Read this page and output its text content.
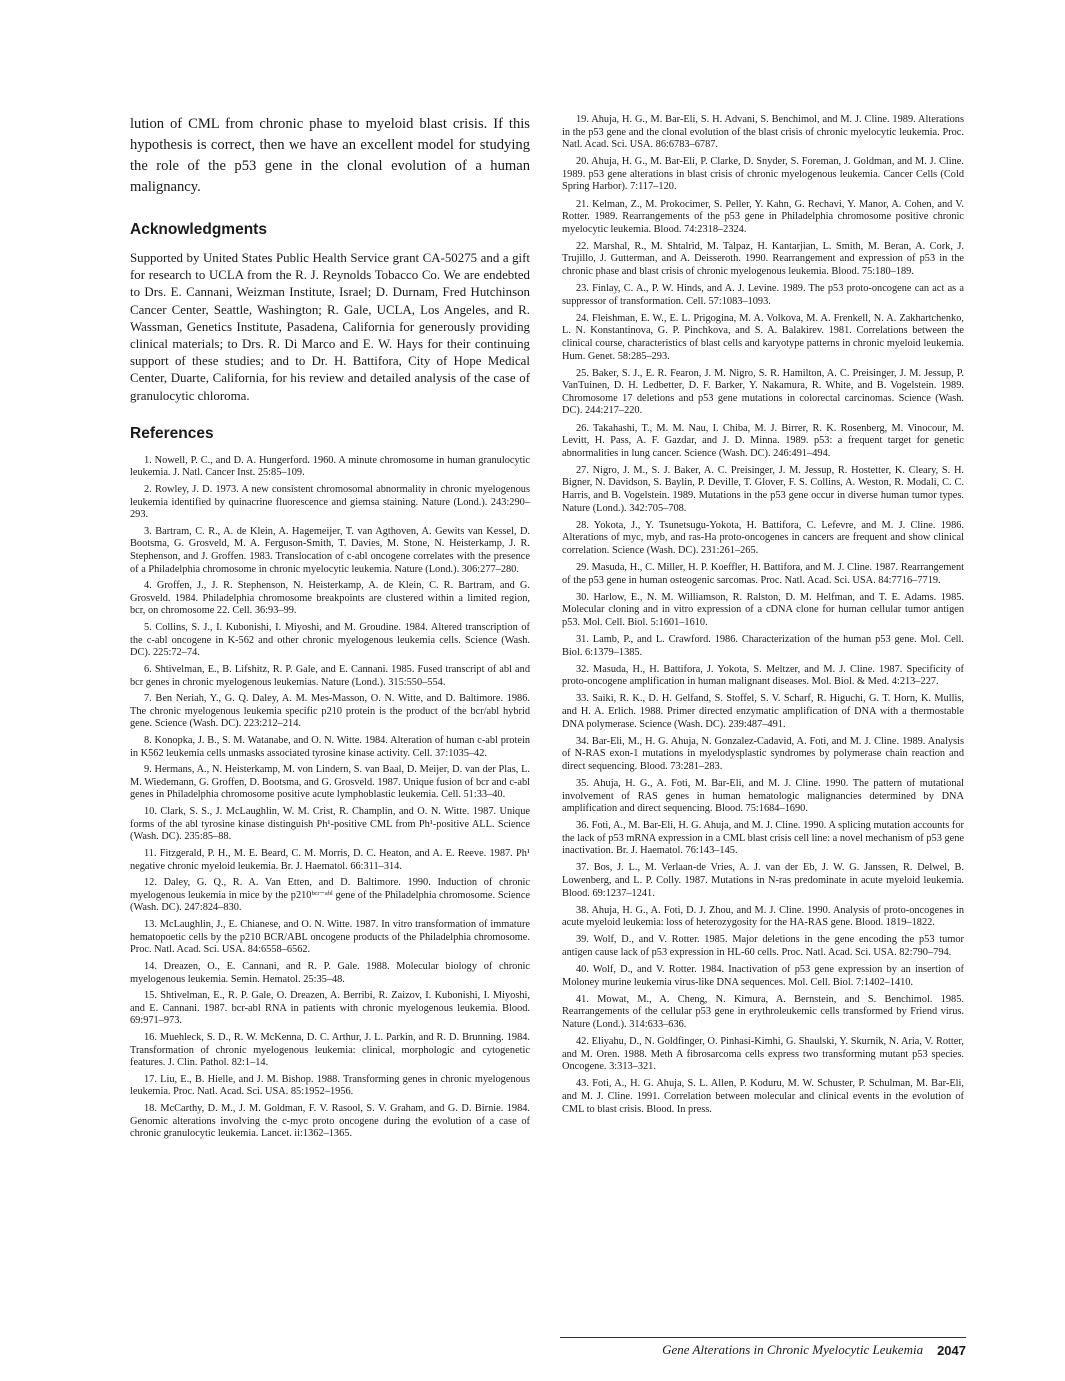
lution of CML from chronic phase to myeloid blast crisis. If this hypothesis is correct, then we have an excellent model for studying the role of the p53 gene in the clonal evolution of a human malignancy.

Acknowledgments

Supported by United States Public Health Service grant CA-50275 and a gift for research to UCLA from the R. J. Reynolds Tobacco Co. We are endebted to Drs. E. Cannani, Weizman Institute, Israel; D. Durnam, Fred Hutchinson Cancer Center, Seattle, Washington; R. Gale, UCLA, Los Angeles, and R. Wassman, Genetics Institute, Pasadena, California for generously providing clinical materials; to Drs. R. Di Marco and E. W. Hays for their continuing support of these studies; and to Dr. H. Battifora, City of Hope Medical Center, Duarte, California, for his review and detailed analysis of the case of granulocytic chloroma.

References

1. Nowell, P. C., and D. A. Hungerford. 1960. A minute chromosome in human granulocytic leukemia. J. Natl. Cancer Inst. 25:85–109.

2. Rowley, J. D. 1973. A new consistent chromosomal abnormality in chronic myelogenous leukemia identified by quinacrine fluorescence and giemsa staining. Nature (Lond.). 243:290–293.

3. Bartram, C. R., A. de Klein, A. Hagemeijer, T. van Agthoven, A. Gewits van Kessel, D. Bootsma, G. Grosveld, M. A. Ferguson-Smith, T. Davies, M. Stone, N. Heisterkamp, J. R. Stephenson, and J. Groffen. 1983. Translocation of c-abl oncogene correlates with the presence of a Philadelphia chromosome in chronic myelocytic leukemia. Nature (Lond.). 306:277–280.

4. Groffen, J., J. R. Stephenson, N. Heisterkamp, A. de Klein, C. R. Bartram, and G. Grosveld. 1984. Philadelphia chromosome breakpoints are clustered within a limited region, bcr, on chromosome 22. Cell. 36:93–99.

5. Collins, S. J., I. Kubonishi, I. Miyoshi, and M. Groudine. 1984. Altered transcription of the c-abl oncogene in K-562 and other chronic myelogenous leukemia cells. Science (Wash. DC). 225:72–74.

6. Shtivelman, E., B. Lifshitz, R. P. Gale, and E. Cannani. 1985. Fused transcript of abl and bcr genes in chronic myelogenous leukemias. Nature (Lond.). 315:550–554.

7. Ben Neriah, Y., G. Q. Daley, A. M. Mes-Masson, O. N. Witte, and D. Baltimore. 1986. The chronic myelogenous leukemia specific p210 protein is the product of the bcr/abl hybrid gene. Science (Wash. DC). 223:212–214.

8. Konopka, J. B., S. M. Watanabe, and O. N. Witte. 1984. Alteration of human c-abl protein in K562 leukemia cells unmasks associated tyrosine kinase activity. Cell. 37:1035–42.

9. Hermans, A., N. Heisterkamp, M. von Lindern, S. van Baal, D. Meijer, D. van der Plas, L. M. Wiedemann, G. Groffen, D. Bootsma, and G. Grosveld. 1987. Unique fusion of bcr and c-abl genes in Philadelphia chromosome positive acute lymphoblastic leukemia. Cell. 51:33–40.

10. Clark, S. S., J. McLaughlin, W. M. Crist, R. Champlin, and O. N. Witte. 1987. Unique forms of the abl tyrosine kinase distinguish Ph¹-positive CML from Ph¹-positive ALL. Science (Wash. DC). 235:85–88.

11. Fitzgerald, P. H., M. E. Beard, C. M. Morris, D. C. Heaton, and A. E. Reeve. 1987. Ph¹ negative chronic myeloid leukemia. Br. J. Haematol. 66:311–314.

12. Daley, G. Q., R. A. Van Etten, and D. Baltimore. 1990. Induction of chronic myelogenous leukemia in mice by the p210ᵇᶜʳ⁻ᵃᵇˡ gene of the Philadelphia chromosome. Science (Wash. DC). 247:824–830.

13. McLaughlin, J., E. Chianese, and O. N. Witte. 1987. In vitro transformation of immature hematopoetic cells by the p210 BCR/ABL oncogene products of the Philadelphia chromosome. Proc. Natl. Acad. Sci. USA. 84:6558–6562.

14. Dreazen, O., E. Cannani, and R. P. Gale. 1988. Molecular biology of chronic myelogenous leukemia. Semin. Hematol. 25:35–48.

15. Shtivelman, E., R. P. Gale, O. Dreazen, A. Berribi, R. Zaizov, I. Kubonishi, I. Miyoshi, and E. Cannani. 1987. bcr-abl RNA in patients with chronic myelogenous leukemia. Blood. 69:971–973.

16. Muehleck, S. D., R. W. McKenna, D. C. Arthur, J. L. Parkin, and R. D. Brunning. 1984. Transformation of chronic myelogenous leukemia: clinical, morphologic and cytogenetic features. J. Clin. Pathol. 82:1–14.

17. Liu, E., B. Hielle, and J. M. Bishop. 1988. Transforming genes in chronic myelogenous leukemia. Proc. Natl. Acad. Sci. USA. 85:1952–1956.

18. McCarthy, D. M., J. M. Goldman, F. V. Rasool, S. V. Graham, and G. D. Birnie. 1984. Genomic alterations involving the c-myc proto oncogene during the evolution of a case of chronic granulocytic leukemia. Lancet. ii:1362–1365.

19. Ahuja, H. G., M. Bar-Eli, S. H. Advani, S. Benchimol, and M. J. Cline. 1989. Alterations in the p53 gene and the clonal evolution of the blast crisis of chronic myelocytic leukemia. Proc. Natl. Acad. Sci. USA. 86:6783–6787.

20. Ahuja, H. G., M. Bar-Eli, P. Clarke, D. Snyder, S. Foreman, J. Goldman, and M. J. Cline. 1989. p53 gene alterations in blast crisis of chronic myelogenous leukemia. Cancer Cells (Cold Spring Harbor). 7:117–120.

21. Kelman, Z., M. Prokocimer, S. Peller, Y. Kahn, G. Rechavi, Y. Manor, A. Cohen, and V. Rotter. 1989. Rearrangements of the p53 gene in Philadelphia chromosome positive chronic myelocytic leukemia. Blood. 74:2318–2324.

22. Marshal, R., M. Shtalrid, M. Talpaz, H. Kantarjian, L. Smith, M. Beran, A. Cork, J. Trujillo, J. Gutterman, and A. Deisseroth. 1990. Rearrangement and expression of p53 in the chronic phase and blast crisis of chronic myelogenous leukemia. Blood. 75:180–189.

23. Finlay, C. A., P. W. Hinds, and A. J. Levine. 1989. The p53 proto-oncogene can act as a suppressor of transformation. Cell. 57:1083–1093.

24. Fleishman, E. W., E. L. Prigogina, M. A. Volkova, M. A. Frenkell, N. A. Zakhartchenko, L. N. Konstantinova, G. P. Pinchkova, and S. A. Balakirev. 1981. Correlations between the clinical course, characteristics of blast cells and karyotype patterns in chronic myeloid leukemia. Hum. Genet. 58:285–293.

25. Baker, S. J., E. R. Fearon, J. M. Nigro, S. R. Hamilton, A. C. Preisinger, J. M. Jessup, P. VanTuinen, D. H. Ledbetter, D. F. Barker, Y. Nakamura, R. White, and B. Vogelstein. 1989. Chromosome 17 deletions and p53 gene mutations in colorectal carcinomas. Science (Wash. DC). 244:217–220.

26. Takahashi, T., M. M. Nau, I. Chiba, M. J. Birrer, R. K. Rosenberg, M. Vinocour, M. Levitt, H. Pass, A. F. Gazdar, and J. D. Minna. 1989. p53: a frequent target for genetic abnormalities in lung cancer. Science (Wash. DC). 246:491–494.

27. Nigro, J. M., S. J. Baker, A. C. Preisinger, J. M. Jessup, R. Hostetter, K. Cleary, S. H. Bigner, N. Davidson, S. Baylin, P. Deville, T. Glover, F. S. Collins, A. Weston, R. Modali, C. C. Harris, and B. Vogelstein. 1989. Mutations in the p53 gene occur in diverse human tumor types. Nature (Lond.). 342:705–708.

28. Yokota, J., Y. Tsunetsugu-Yokota, H. Battifora, C. Lefevre, and M. J. Cline. 1986. Alterations of myc, myb, and ras-Ha proto-oncogenes in cancers are frequent and show clinical correlation. Science (Wash. DC). 231:261–265.

29. Masuda, H., C. Miller, H. P. Koeffler, H. Battifora, and M. J. Cline. 1987. Rearrangement of the p53 gene in human osteogenic sarcomas. Proc. Natl. Acad. Sci. USA. 84:7716–7719.

30. Harlow, E., N. M. Williamson, R. Ralston, D. M. Helfman, and T. E. Adams. 1985. Molecular cloning and in vitro expression of a cDNA clone for human cellular tumor antigen p53. Mol. Cell. Biol. 5:1601–1610.

31. Lamb, P., and L. Crawford. 1986. Characterization of the human p53 gene. Mol. Cell. Biol. 6:1379–1385.

32. Masuda, H., H. Battifora, J. Yokota, S. Meltzer, and M. J. Cline. 1987. Specificity of proto-oncogene amplification in human malignant diseases. Mol. Biol. & Med. 4:213–227.

33. Saiki, R. K., D. H. Gelfand, S. Stoffel, S. V. Scharf, R. Higuchi, G. T. Horn, K. Mullis, and H. A. Erlich. 1988. Primer directed enzymatic amplification of DNA with a thermostable DNA polymerase. Science (Wash. DC). 239:487–491.

34. Bar-Eli, M., H. G. Ahuja, N. Gonzalez-Cadavid, A. Foti, and M. J. Cline. 1989. Analysis of N-RAS exon-1 mutations in myelodysplastic syndromes by polymerase chain reaction and direct sequencing. Blood. 73:281–283.

35. Ahuja, H. G., A. Foti, M. Bar-Eli, and M. J. Cline. 1990. The pattern of mutational involvement of RAS genes in human hematologic malignancies determined by DNA amplification and direct sequencing. Blood. 75:1684–1690.

36. Foti, A., M. Bar-Eli, H. G. Ahuja, and M. J. Cline. 1990. A splicing mutation accounts for the lack of p53 mRNA expression in a CML blast crisis cell line: a novel mechanism of p53 gene inactivation. Br. J. Haematol. 76:143–145.

37. Bos, J. L., M. Verlaan-de Vries, A. J. van der Eb, J. W. G. Janssen, R. Delwel, B. Lowenberg, and L. P. Colly. 1987. Mutations in N-ras predominate in acute myeloid leukemia. Blood. 69:1237–1241.

38. Ahuja, H. G., A. Foti, D. J. Zhou, and M. J. Cline. 1990. Analysis of proto-oncogenes in acute myeloid leukemia: loss of heterozygosity for the HA-RAS gene. Blood. 1819–1822.

39. Wolf, D., and V. Rotter. 1985. Major deletions in the gene encoding the p53 tumor antigen cause lack of p53 expression in HL-60 cells. Proc. Natl. Acad. Sci. USA. 82:790–794.

40. Wolf, D., and V. Rotter. 1984. Inactivation of p53 gene expression by an insertion of Moloney murine leukemia virus-like DNA sequences. Mol. Cell. Biol. 7:1402–1410.

41. Mowat, M., A. Cheng, N. Kimura, A. Bernstein, and S. Benchimol. 1985. Rearrangements of the cellular p53 gene in erythroleukemic cells transformed by Friend virus. Nature (Lond.). 314:633–636.

42. Eliyahu, D., N. Goldfinger, O. Pinhasi-Kimhi, G. Shaulski, Y. Skurnik, N. Aria, V. Rotter, and M. Oren. 1988. Meth A fibrosarcoma cells express two transforming mutant p53 species. Oncogene. 3:313–321.

43. Foti, A., H. G. Ahuja, S. L. Allen, P. Koduru, M. W. Schuster, P. Schulman, M. Bar-Eli, and M. J. Cline. 1991. Correlation between molecular and clinical events in the evolution of CML to blast crisis. Blood. In press.

Gene Alterations in Chronic Myelocytic Leukemia 2047
